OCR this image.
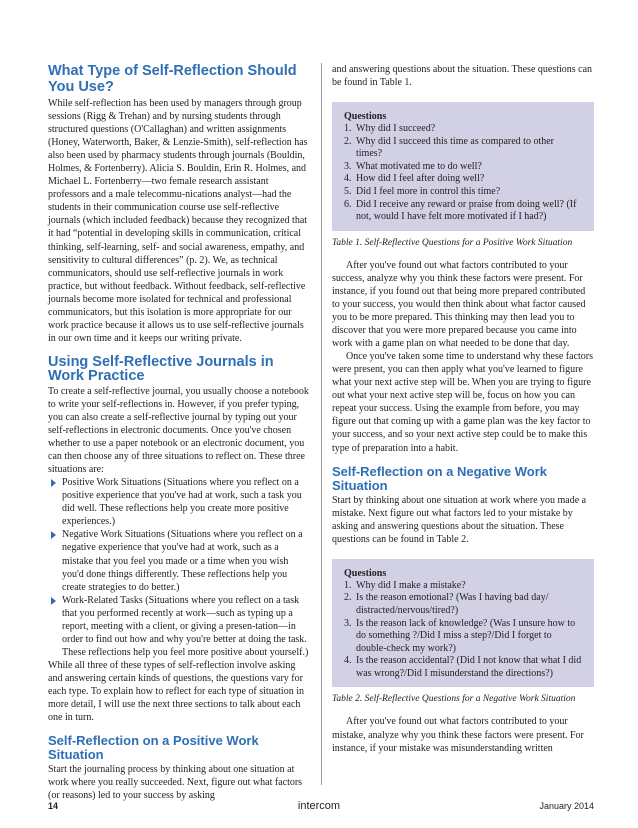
What Type of Self-Reflection Should You Use?

While self-reflection has been used by managers through group sessions (Rigg & Trehan) and by nursing students through structured questions (O'Callaghan) and written assignments (Honey, Waterworth, Baker, & Lenzie-Smith), self-reflection has also been used by pharmacy students through journals (Bouldin, Holmes, & Fortenberry). Alicia S. Bouldin, Erin R. Holmes, and Michael L. Fortenberry—two female research assistant professors and a male telecommu-nications analyst—had the students in their communication course use self-reflective journals (which included feedback) because they recognized that it had “potential in developing skills in communication, critical thinking, self-learning, self- and social awareness, empathy, and sensitivity to cultural differences” (p. 2). We, as technical communicators, should use self-reflective journals in work practice, but without feedback. Without feedback, self-reflective journals become more isolated for technical and professional communicators, but this isolation is more appropriate for our work practice because it allows us to use self-reflective journals in our own time and it keeps our writing private.

Using Self-Reflective Journals in Work Practice

To create a self-reflective journal, you usually choose a notebook to write your self-reflections in. However, if you prefer typing, you can also create a self-reflective journal by typing out your self-reflections in electronic documents. Once you've chosen whether to use a paper notebook or an electronic document, you can then choose any of three situations to reflect on. These three situations are:

Positive Work Situations (Situations where you reflect on a positive experience that you've had at work, such a task you did well. These reflections help you create more positive experiences.)
Negative Work Situations (Situations where you reflect on a negative experience that you've had at work, such as a mistake that you feel you made or a time when you wish you'd done things differently. These reflections help you create strategies to do better.)
Work-Related Tasks (Situations where you reflect on a task that you performed recently at work—such as typing up a report, meeting with a client, or giving a presen-tation—in order to find out how and why you're better at doing the task. These reflections help you feel more positive about yourself.)

While all three of these types of self-reflection involve asking and answering certain kinds of questions, the questions vary for each type. To explain how to reflect for each type of situation in more detail, I will use the next three sections to talk about each one in turn.

Self-Reflection on a Positive Work Situation

Start the journaling process by thinking about one situation at work where you really succeeded. Next, figure out what factors (or reasons) led to your success by asking

and answering questions about the situation. These questions can be found in Table 1.

Questions
1. Why did I succeed?
2. Why did I succeed this time as compared to other times?
3. What motivated me to do well?
4. How did I feel after doing well?
5. Did I feel more in control this time?
6. Did I receive any reward or praise from doing well? (If not, would I have felt more motivated if I had?)
Table 1. Self-Reflective Questions for a Positive Work Situation

After you've found out what factors contributed to your success, analyze why you think these factors were present. For instance, if you found out that being more prepared contributed to your success, you would then think about what factor caused you to be more prepared. This thinking may then lead you to discover that you were more prepared because you came into work with a game plan on what needed to be done that day.

Once you've taken some time to understand why these factors were present, you can then apply what you've learned to figure what your next active step will be. When you are trying to figure out what your next active step will be, focus on how you can repeat your success. Using the example from before, you may figure out that coming up with a game plan was the key factor to your success, and so your next active step could be to make this type of preparation into a habit.

Self-Reflection on a Negative Work Situation

Start by thinking about one situation at work where you made a mistake. Next figure out what factors led to your mistake by asking and answering questions about the situation. These questions can be found in Table 2.

Questions
1. Why did I make a mistake?
2. Is the reason emotional? (Was I having bad day/ distracted/nervous/tired?)
3. Is the reason lack of knowledge? (Was I unsure how to do something ?/Did I miss a step?/Did I forget to double-check my work?)
4. Is the reason accidental? (Did I not know that what I did was wrong?/Did I misunderstand the directions?)
Table 2. Self-Reflective Questions for a Negative Work Situation

After you've found out what factors contributed to your mistake, analyze why you think these factors were present. For instance, if your mistake was misunderstanding written

14	intercom	January 2014
